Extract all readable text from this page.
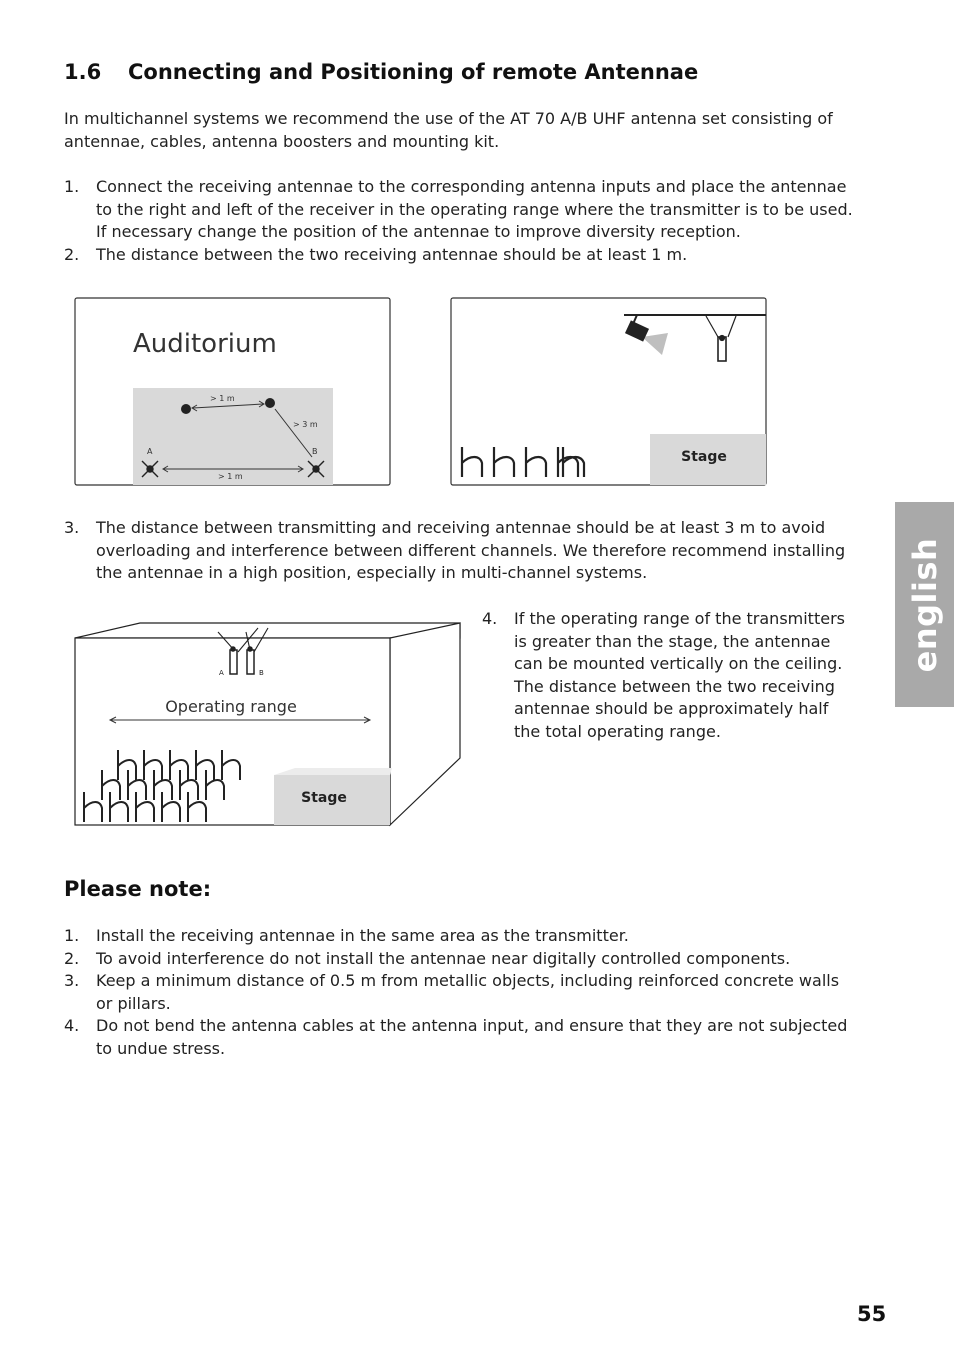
1.6 Connecting and Positioning of remote Antennae
In multichannel systems we recommend the use of the AT 70 A/B UHF antenna set consisting of antennae, cables, antenna boosters and mounting kit.
1. Connect the receiving antennae to the corresponding antenna inputs and place the antennae to the right and left of the receiver in the operating range where the transmitter is to be used. If necessary change the position of the antennae to improve diversity reception.
2. The distance between the two receiving antennae should be at least 1 m.
Auditorium
> 1 m
> 3 m
A	B
> 1 m
Stage
3. The distance between transmitting and receiving antennae should be at least 3 m to avoid overloading and interference between different channels. We therefore recommend installing the antennae in a high position, especially in multi-channel systems.
Stage
A	B
Operating range
4. If the operating range of the transmitters is greater than the stage, the antennae can be mounted vertically on the ceiling. The distance between the two receiving antennae should be approximately half the total operating range.
Please note:
1. Install the receiving antennae in the same area as the transmitter.
2. To avoid interference do not install the antennae near digitally controlled components.
3. Keep a minimum distance of 0.5 m from metallic objects, including reinforced concrete walls or pillars.
4. Do not bend the antenna cables at the antenna input, and ensure that they are not subjected to undue stress.
english
55
